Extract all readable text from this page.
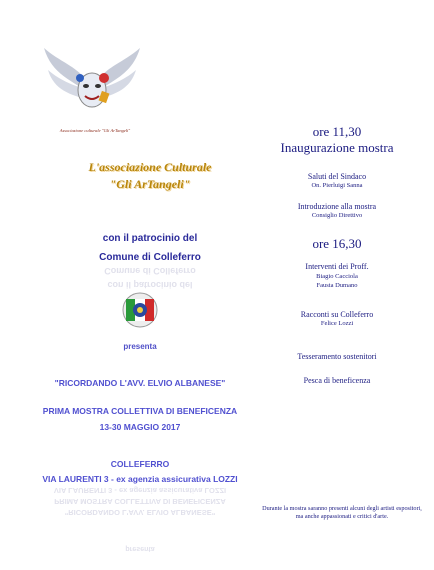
Associazione culturale "Gli ArTangeli"
L'associazione Culturale
"Gli ArTangeli"
con il patrocinio del
Comune di Colleferro
Comune di Colleferro
con il patrocinio del
presenta
"RICORDANDO L'AVV. ELVIO ALBANESE"
PRIMA MOSTRA COLLETTIVA DI BENEFICENZA
13-30 MAGGIO 2017
COLLEFERRO
VIA LAURENTI 3 - ex agenzia assicurativa LOZZI
VIA LAURENTI 3 - ex agenzia assicurativa LOZZI
PRIMA MOSTRA COLLETTIVA DI BENEFICENZA
"RICORDANDO L'AVV. ELVIO ALBANESE"
presenta
ore 11,30
Inaugurazione mostra
Saluti del Sindaco
On. Pierluigi Sanna
Introduzione alla mostra
Consiglio Direttivo
ore 16,30
Interventi dei Proff.
Biagio Cacciola
Fausta Dumano
Racconti su Colleferro
Felice Lozzi
Tesseramento sostenitori
Pesca di beneficenza
Durante la mostra saranno presenti alcuni degli artisti espositori, ma anche appassionati e critici d'arte.
